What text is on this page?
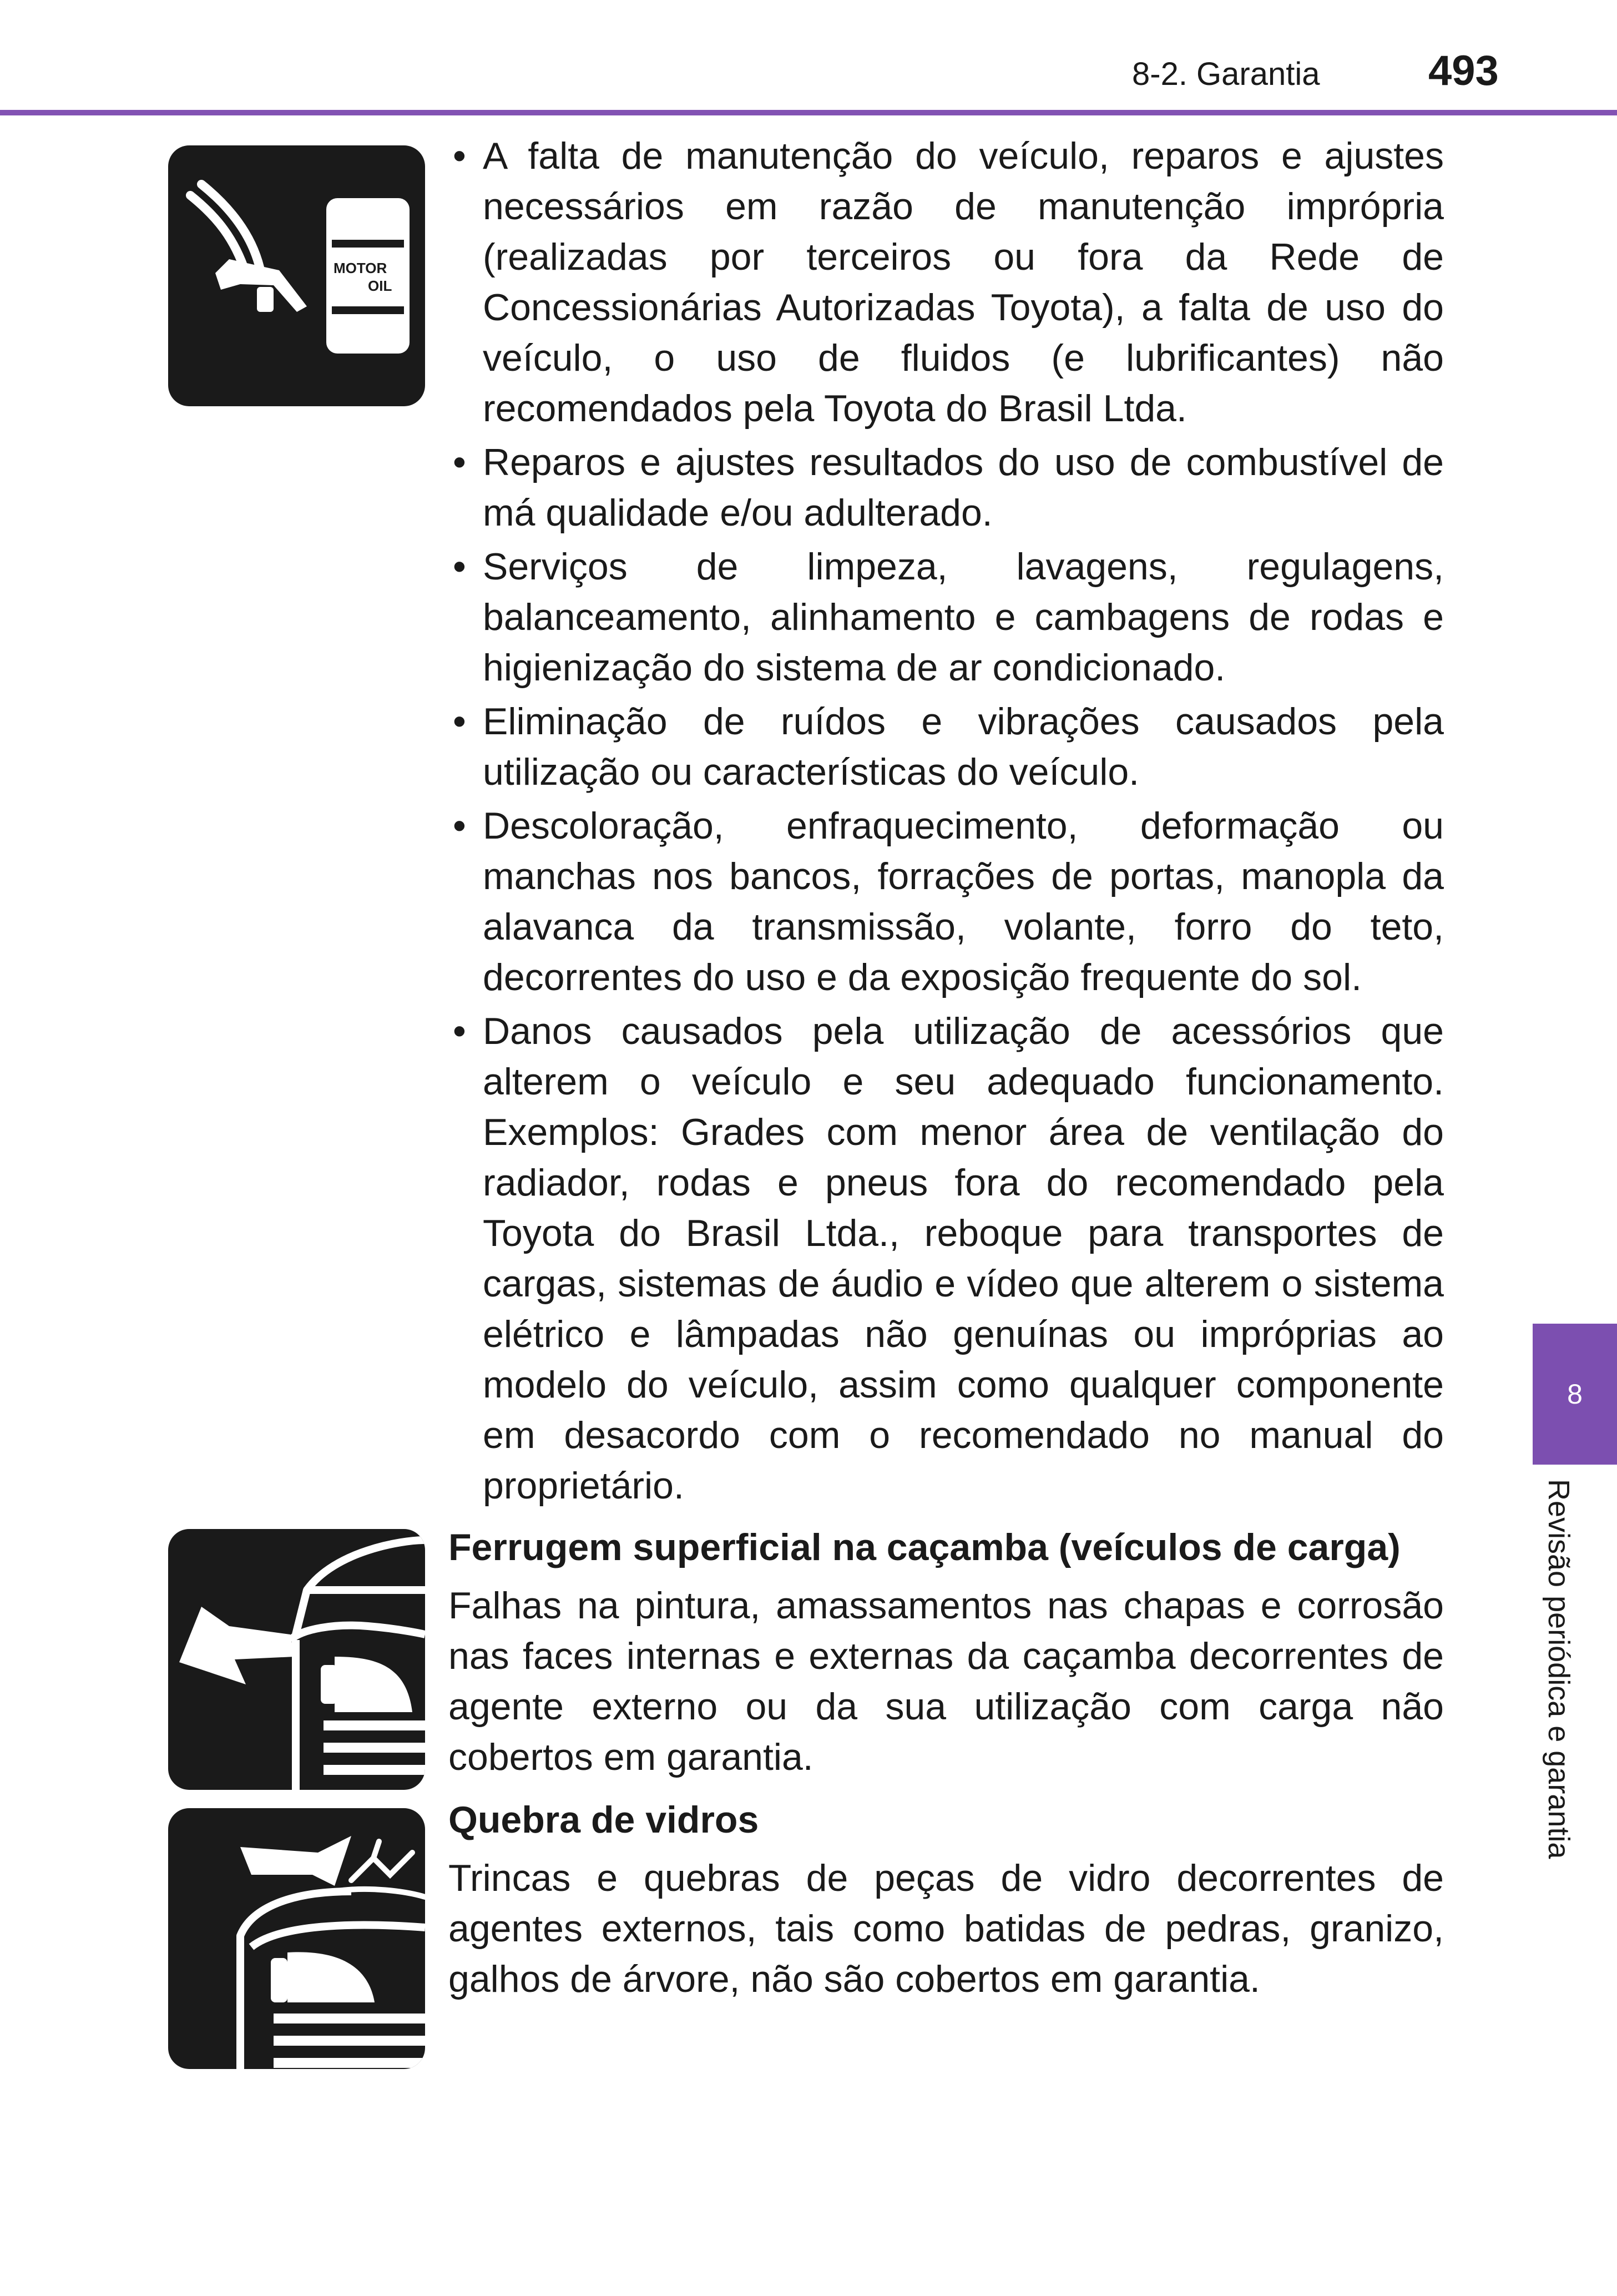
8-2. Garantia	493
8
Revisão periódica e garantia
MOTOR
OIL
• A falta de manutenção do veículo, reparos e ajustes necessários em razão de manutenção imprópria (realizadas por terceiros ou fora da Rede de Concessionárias Autorizadas Toyota), a falta de uso do veículo, o uso de fluidos (e lubrificantes) não recomendados pela Toyota do Brasil Ltda.
• Reparos e ajustes resultados do uso de combustível de má qualidade e/ou adulterado.
• Serviços de limpeza, lavagens, regulagens, balanceamento, alinhamento e cambagens de rodas e higienização do sistema de ar condicionado.
• Eliminação de ruídos e vibrações causados pela utilização ou características do veículo.
• Descoloração, enfraquecimento, deformação ou manchas nos bancos, forrações de portas, manopla da alavanca da transmissão, volante, forro do teto, decorrentes do uso e da exposição frequente do sol.
• Danos causados pela utilização de acessórios que alterem o veículo e seu adequado funcionamento. Exemplos: Grades com menor área de ventilação do radiador, rodas e pneus fora do recomendado pela Toyota do Brasil Ltda., reboque para transportes de cargas, sistemas de áudio e vídeo que alterem o sistema elétrico e lâmpadas não genuínas ou impróprias ao modelo do veículo, assim como qualquer componente em desacordo com o recomendado no manual do proprietário.
Ferrugem superficial na caçamba (veículos de carga)

Falhas na pintura, amassamentos nas chapas e corrosão nas faces internas e externas da caçamba decorrentes de agente externo ou da sua utilização com carga não cobertos em garantia.

Quebra de vidros

Trincas e quebras de peças de vidro decorrentes de agentes externos, tais como batidas de pedras, granizo, galhos de árvore, não são cobertos em garantia.
